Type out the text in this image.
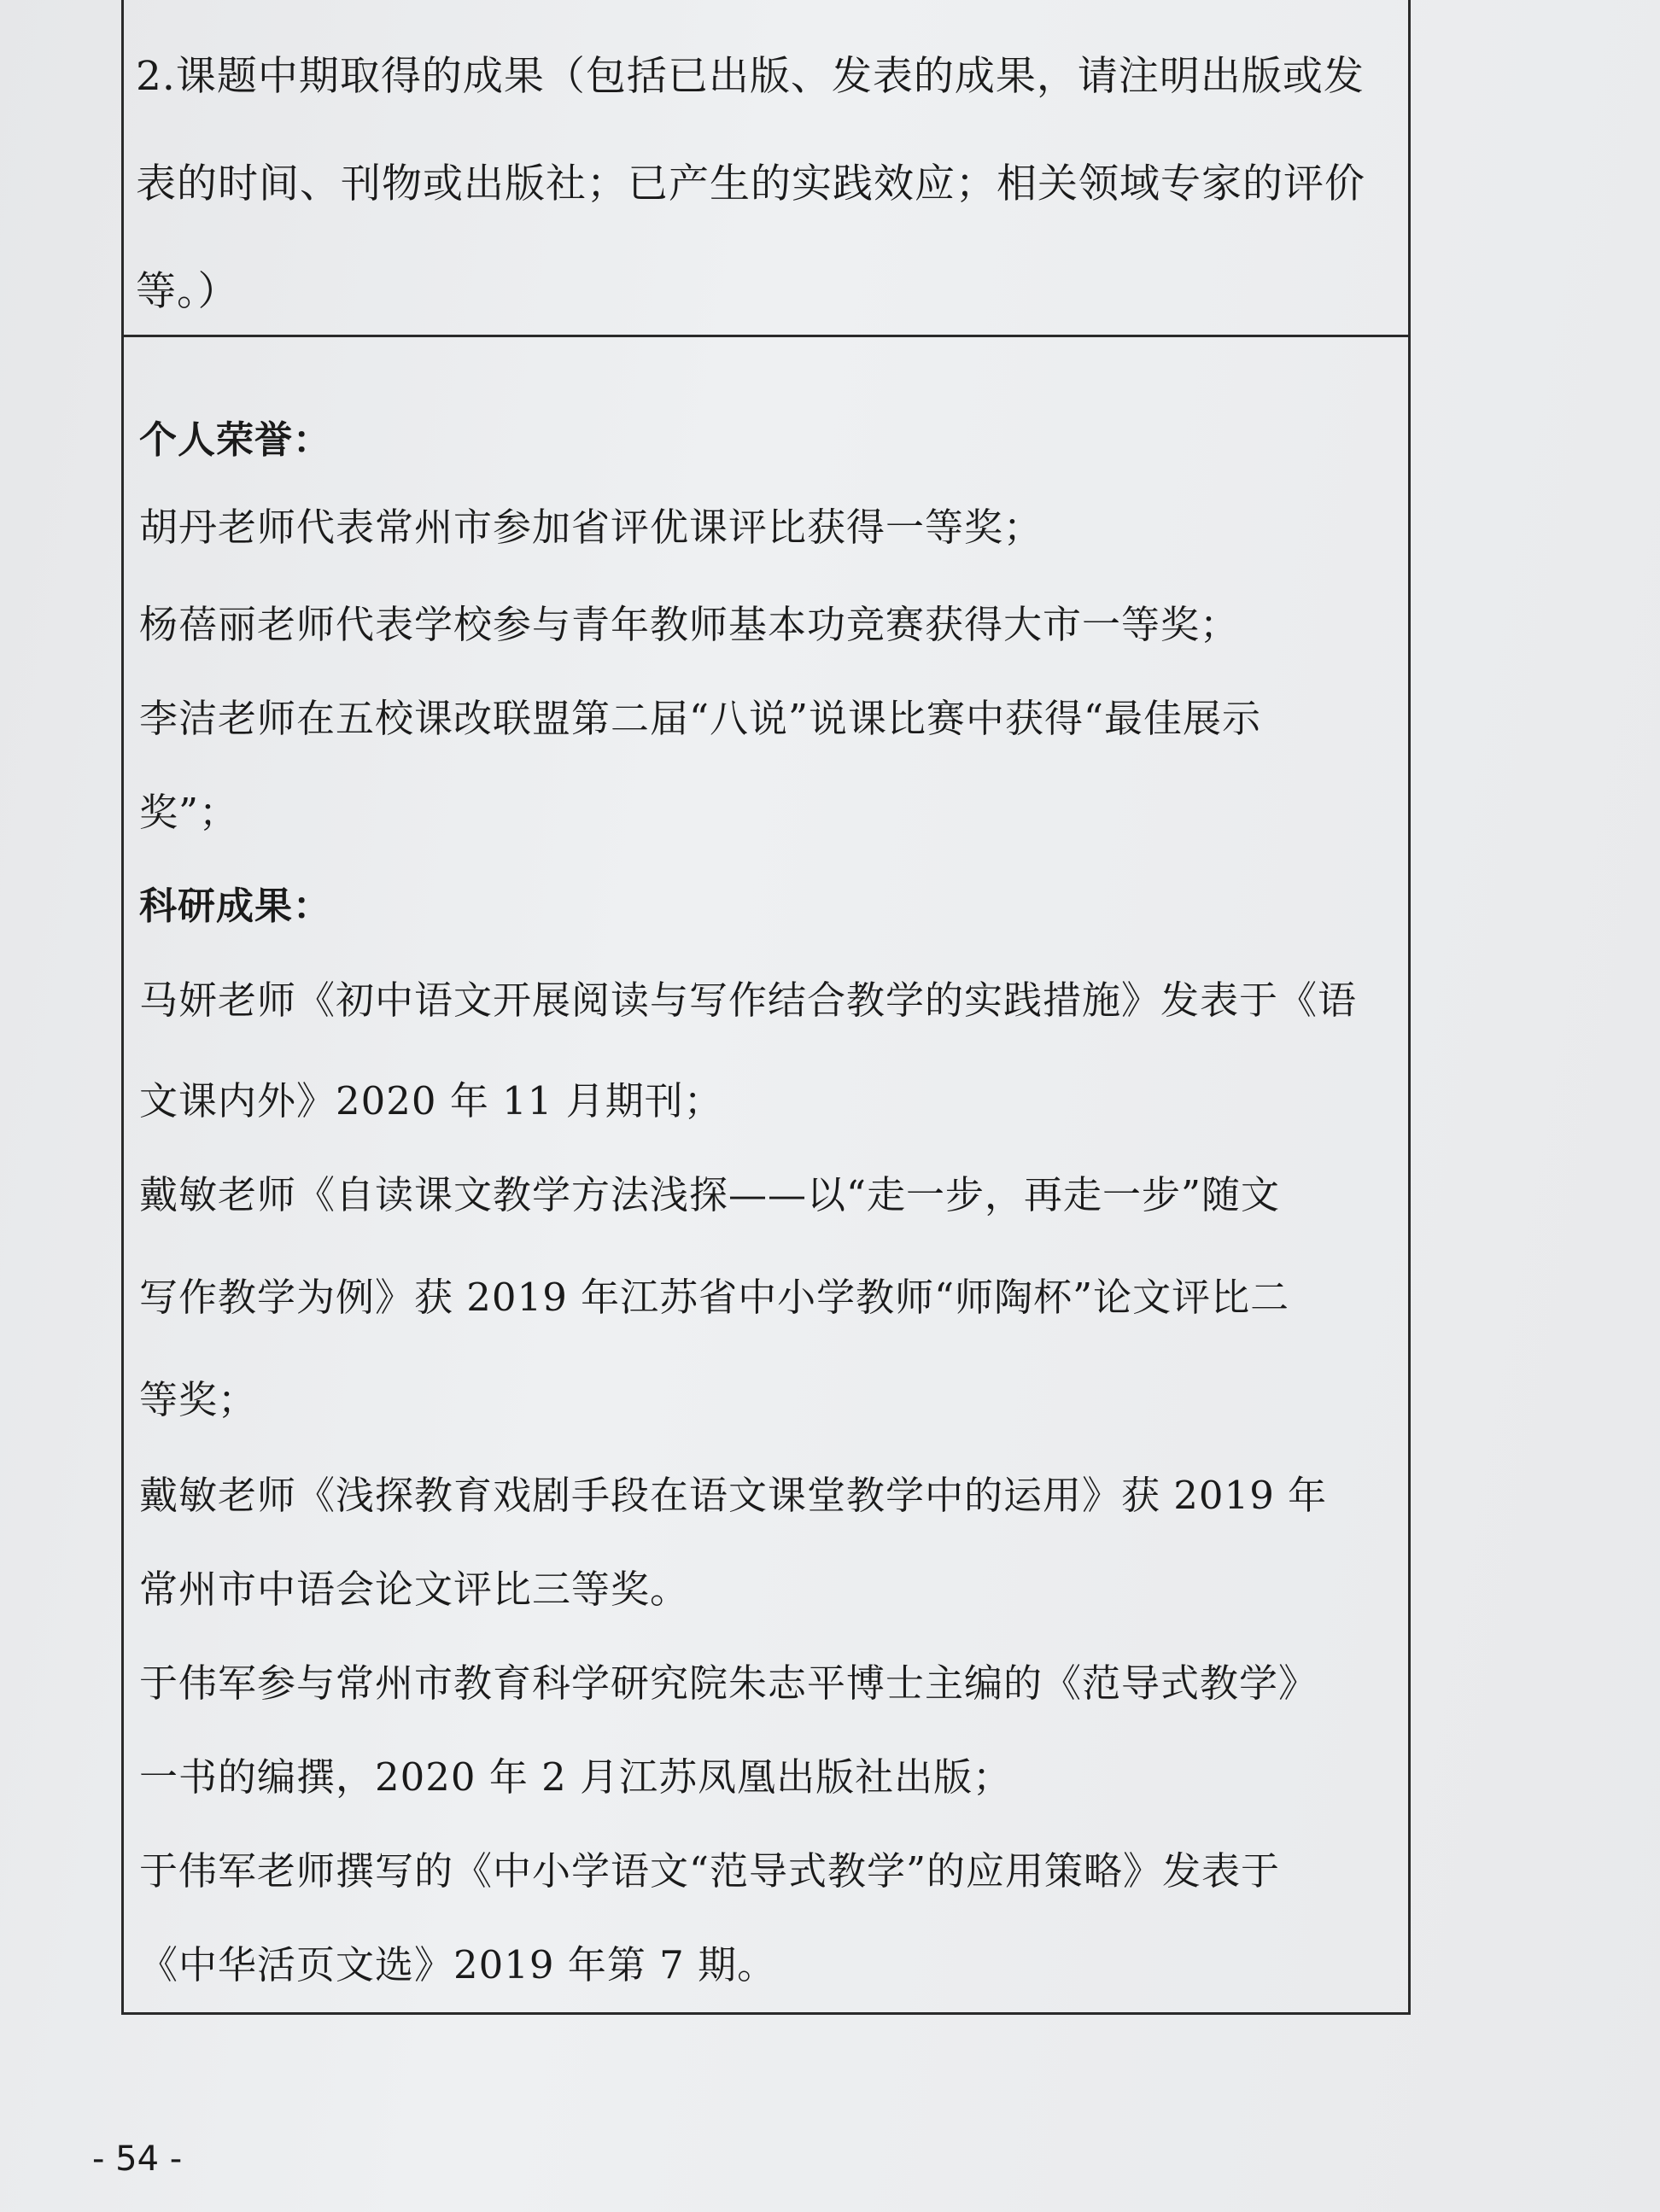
2.课题中期取得的成果（包括已出版、发表的成果，请注明出版或发
表的时间、刊物或出版社；已产生的实践效应；相关领域专家的评价
等。）
个人荣誉：
胡丹老师代表常州市参加省评优课评比获得一等奖；
杨蓓丽老师代表学校参与青年教师基本功竞赛获得大市一等奖；
李洁老师在五校课改联盟第二届“八说”说课比赛中获得“最佳展示
奖”；
科研成果：
马妍老师《初中语文开展阅读与写作结合教学的实践措施》发表于《语
文课内外》2020 年 11 月期刊；
戴敏老师《自读课文教学方法浅探——以“走一步，再走一步”随文
写作教学为例》获 2019 年江苏省中小学教师“师陶杯”论文评比二
等奖；
戴敏老师《浅探教育戏剧手段在语文课堂教学中的运用》获 2019 年
常州市中语会论文评比三等奖。
于伟军参与常州市教育科学研究院朱志平博士主编的《范导式教学》
一书的编撰，2020 年 2 月江苏凤凰出版社出版；
于伟军老师撰写的《中小学语文“范导式教学”的应用策略》发表于
《中华活页文选》2019 年第 7 期。
- 54 -
